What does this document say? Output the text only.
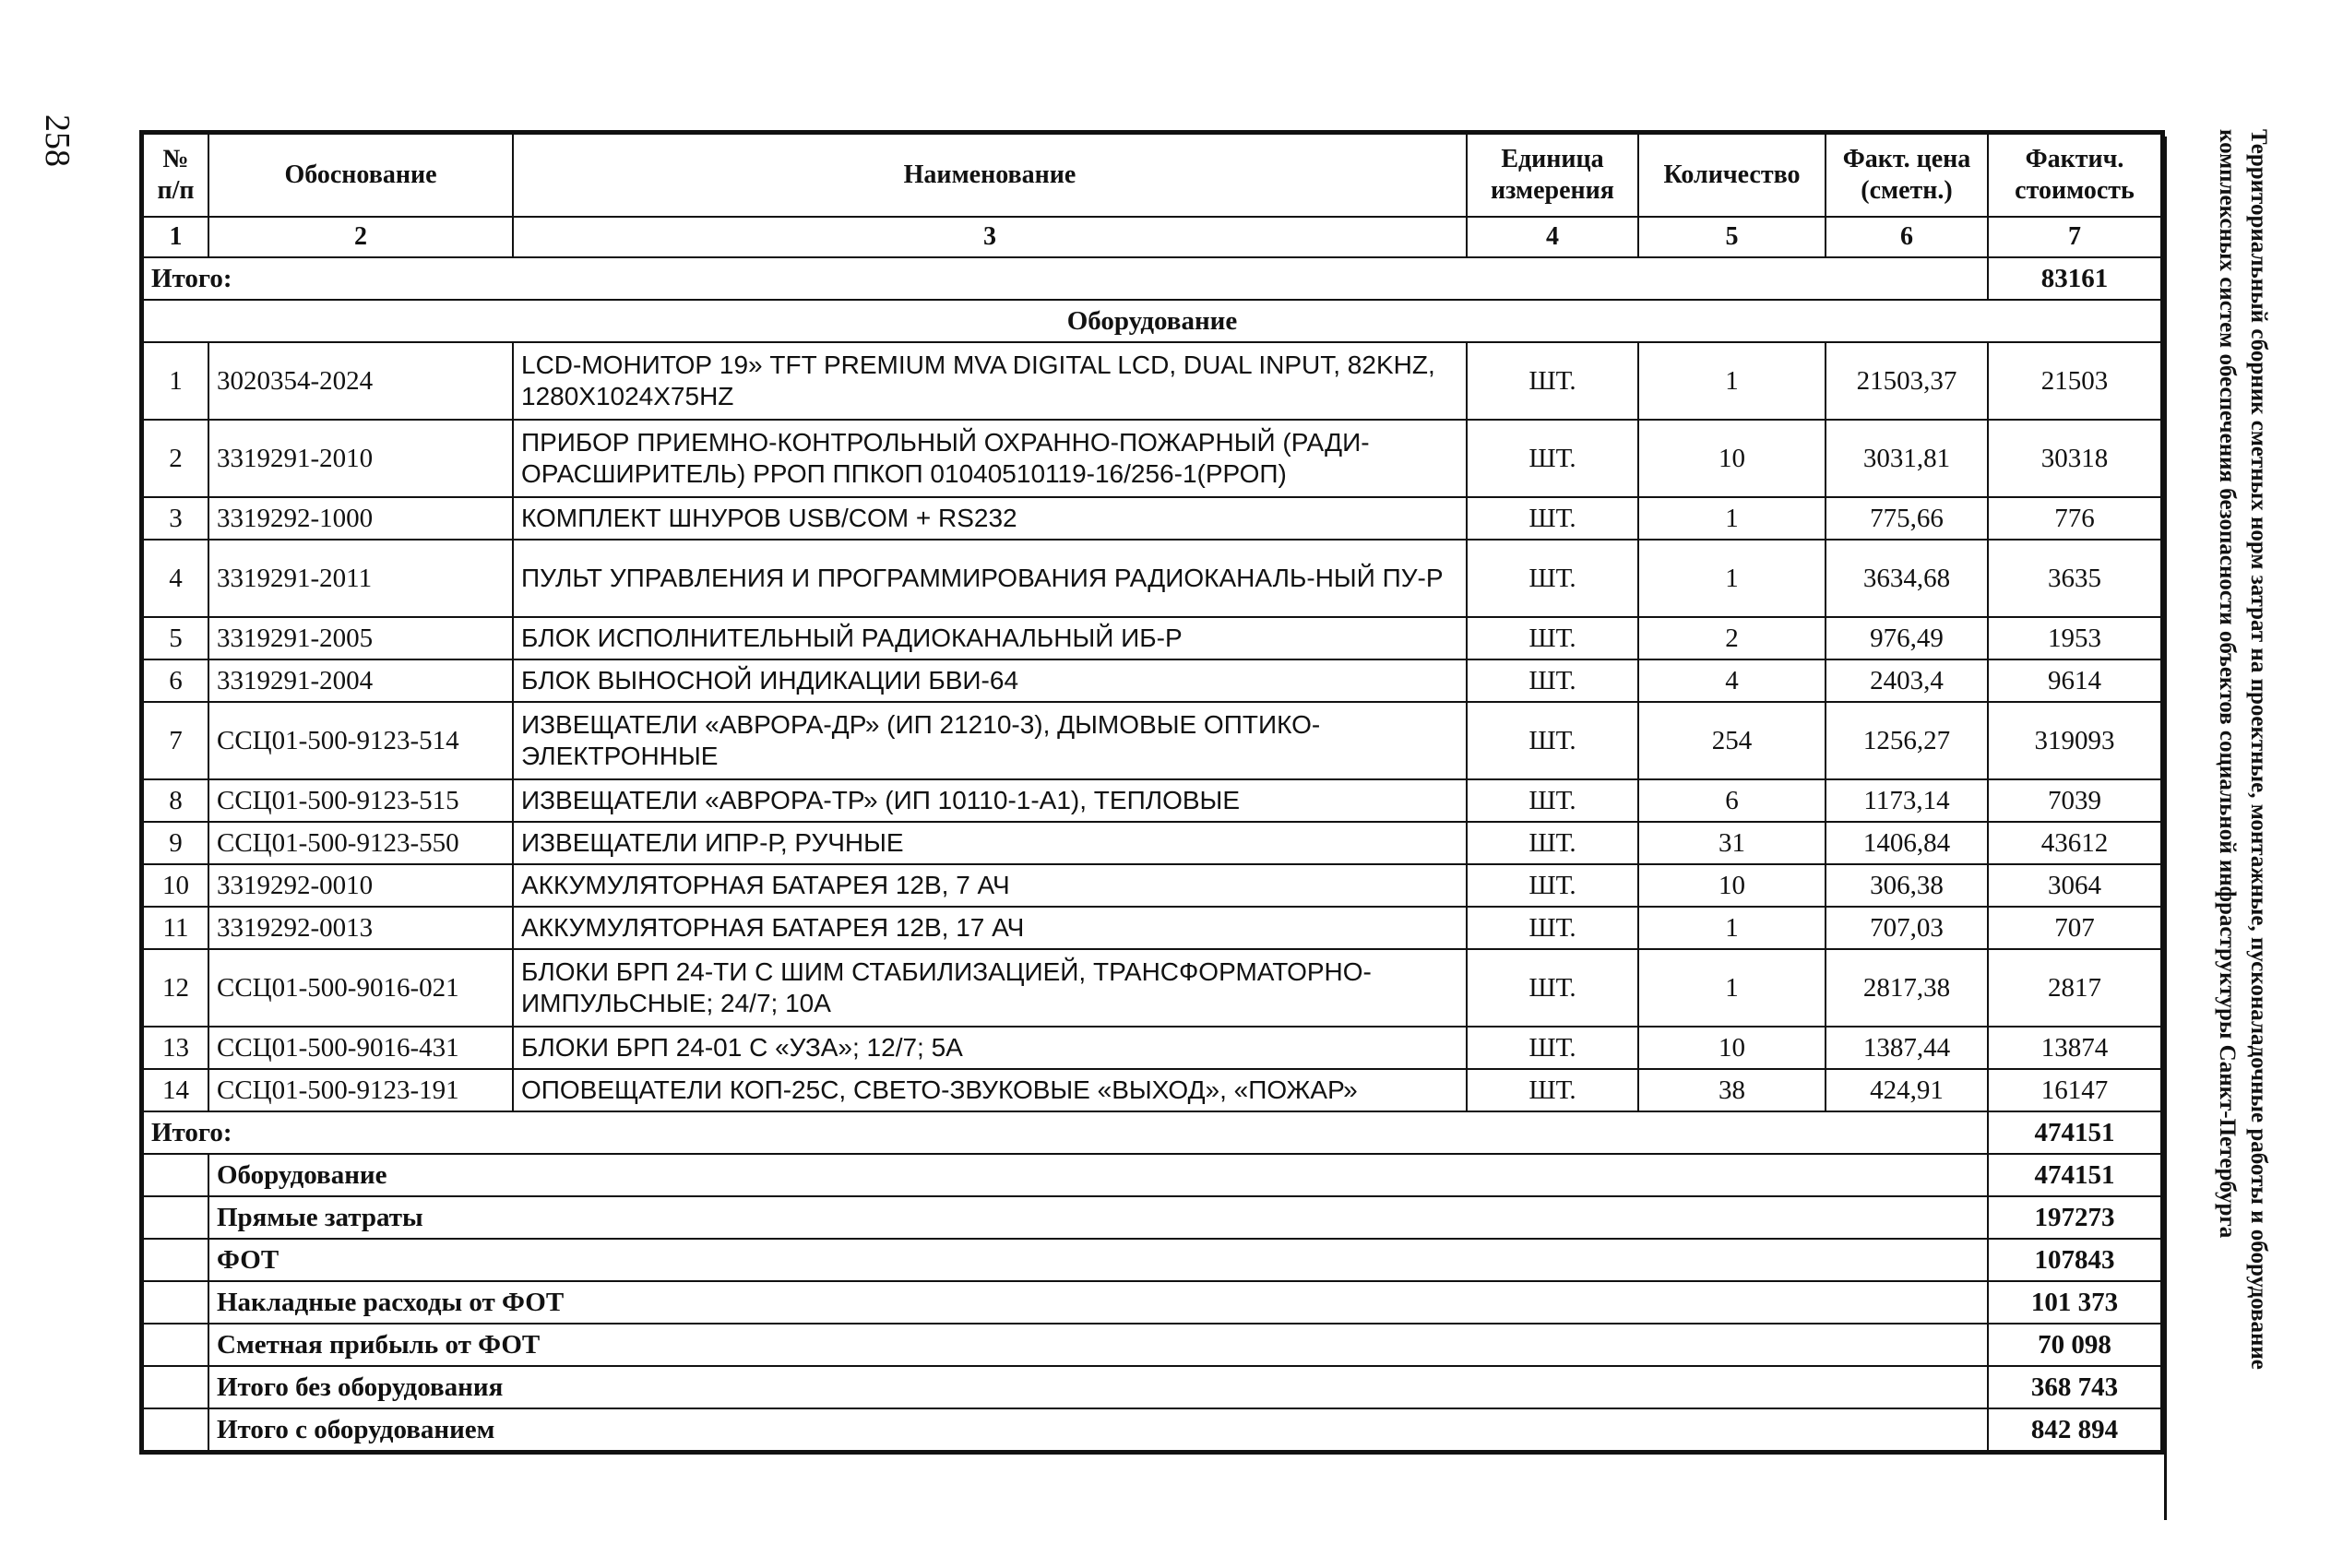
258	Территориальный сборник сметных норм затрат на проектные, монтажные, пусконаладочные работы и оборудование
комплексных систем обеспечения безопасности объектов социальной инфраструктуры Санкт-Петербурга
№ п/п	Обоснование	Наименование	Единица измерения	Количество	Факт. цена (сметн.)	Фактич. стоимость
1	2	3	4	5	6	7
Итого:						83161
Оборудование						
1	3020354-2024	LCD-МОНИТОР 19» TFT PREMIUM MVA DIGITAL LCD, DUAL INPUT, 82KHZ, 1280X1024X75HZ	ШТ.	1	21503,37	21503
2	3319291-2010	ПРИБОР ПРИЕМНО-КОНТРОЛЬНЫЙ ОХРАННО-ПОЖАРНЫЙ (РАДИ-ОРАСШИРИТЕЛЬ) РРОП ППКОП 01040510119-16/256-1(РРОП)	ШТ.	10	3031,81	30318
3	3319292-1000	КОМПЛЕКТ ШНУРОВ USB/COM + RS232	ШТ.	1	775,66	776
4	3319291-2011	ПУЛЬТ УПРАВЛЕНИЯ И ПРОГРАММИРОВАНИЯ РАДИОКАНАЛЬ-НЫЙ ПУ-Р	ШТ.	1	3634,68	3635
5	3319291-2005	БЛОК ИСПОЛНИТЕЛЬНЫЙ РАДИОКАНАЛЬНЫЙ ИБ-Р	ШТ.	2	976,49	1953
6	3319291-2004	БЛОК ВЫНОСНОЙ ИНДИКАЦИИ БВИ-64	ШТ.	4	2403,4	9614
7	ССЦ01-500-9123-514	ИЗВЕЩАТЕЛИ «АВРОРА-ДР» (ИП 21210-3), ДЫМОВЫЕ ОПТИКО-ЭЛЕКТРОННЫЕ	ШТ.	254	1256,27	319093
8	ССЦ01-500-9123-515	ИЗВЕЩАТЕЛИ «АВРОРА-ТР» (ИП 10110-1-А1), ТЕПЛОВЫЕ	ШТ.	6	1173,14	7039
9	ССЦ01-500-9123-550	ИЗВЕЩАТЕЛИ ИПР-Р, РУЧНЫЕ	ШТ.	31	1406,84	43612
10	3319292-0010	АККУМУЛЯТОРНАЯ БАТАРЕЯ 12В, 7 АЧ	ШТ.	10	306,38	3064
11	3319292-0013	АККУМУЛЯТОРНАЯ БАТАРЕЯ 12В, 17 АЧ	ШТ.	1	707,03	707
12	ССЦ01-500-9016-021	БЛОКИ БРП 24-ТИ С ШИМ СТАБИЛИЗАЦИЕЙ, ТРАНСФОРМАТОРНО-ИМПУЛЬСНЫЕ; 24/7; 10А	ШТ.	1	2817,38	2817
13	ССЦ01-500-9016-431	БЛОКИ БРП 24-01 С «УЗА»; 12/7; 5А	ШТ.	10	1387,44	13874
14	ССЦ01-500-9123-191	ОПОВЕЩАТЕЛИ КОП-25С, СВЕТО-ЗВУКОВЫЕ «ВЫХОД», «ПОЖАР»	ШТ.	38	424,91	16147
Итого:						474151
	Оборудование					474151
	Прямые затраты					197273
	ФОТ					107843
	Накладные расходы от ФОТ					101 373
	Сметная прибыль от ФОТ					70 098
	Итого без оборудования					368 743
	Итого с оборудованием					842 894
